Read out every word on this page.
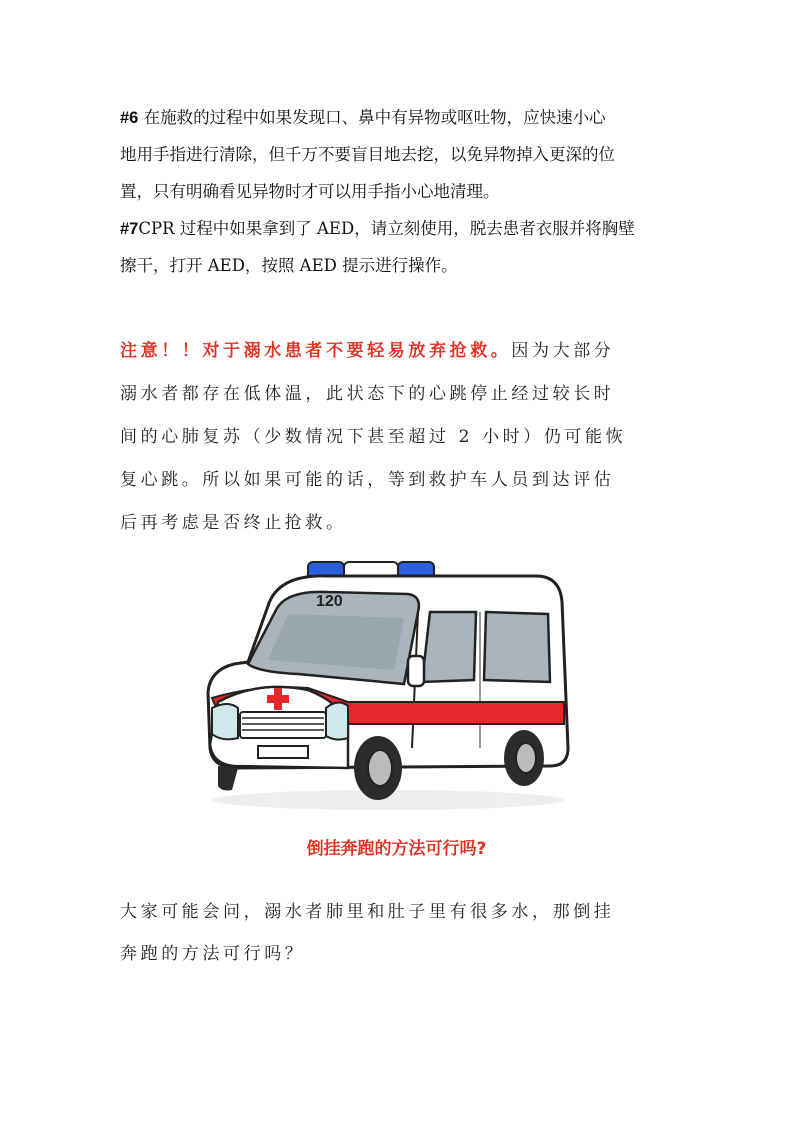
#6 在施救的过程中如果发现口、鼻中有异物或呕吐物，应快速小心
地用手指进行清除，但千万不要盲目地去挖，以免异物掉入更深的位
置，只有明确看见异物时才可以用手指小心地清理。
#7CPR 过程中如果拿到了 AED，请立刻使用，脱去患者衣服并将胸壁
擦干，打开 AED，按照 AED 提示进行操作。
注意！！对于溺水患者不要轻易放弃抢救。因为大部分
溺水者都存在低体温，此状态下的心跳停止经过较长时
间的心肺复苏（少数情况下甚至超过 2 小时）仍可能恢
复心跳。所以如果可能的话，等到救护车人员到达评估
后再考虑是否终止抢救。
120

倒挂奔跑的方法可行吗?

大家可能会问，溺水者肺里和肚子里有很多水，那倒挂
奔跑的方法可行吗？
